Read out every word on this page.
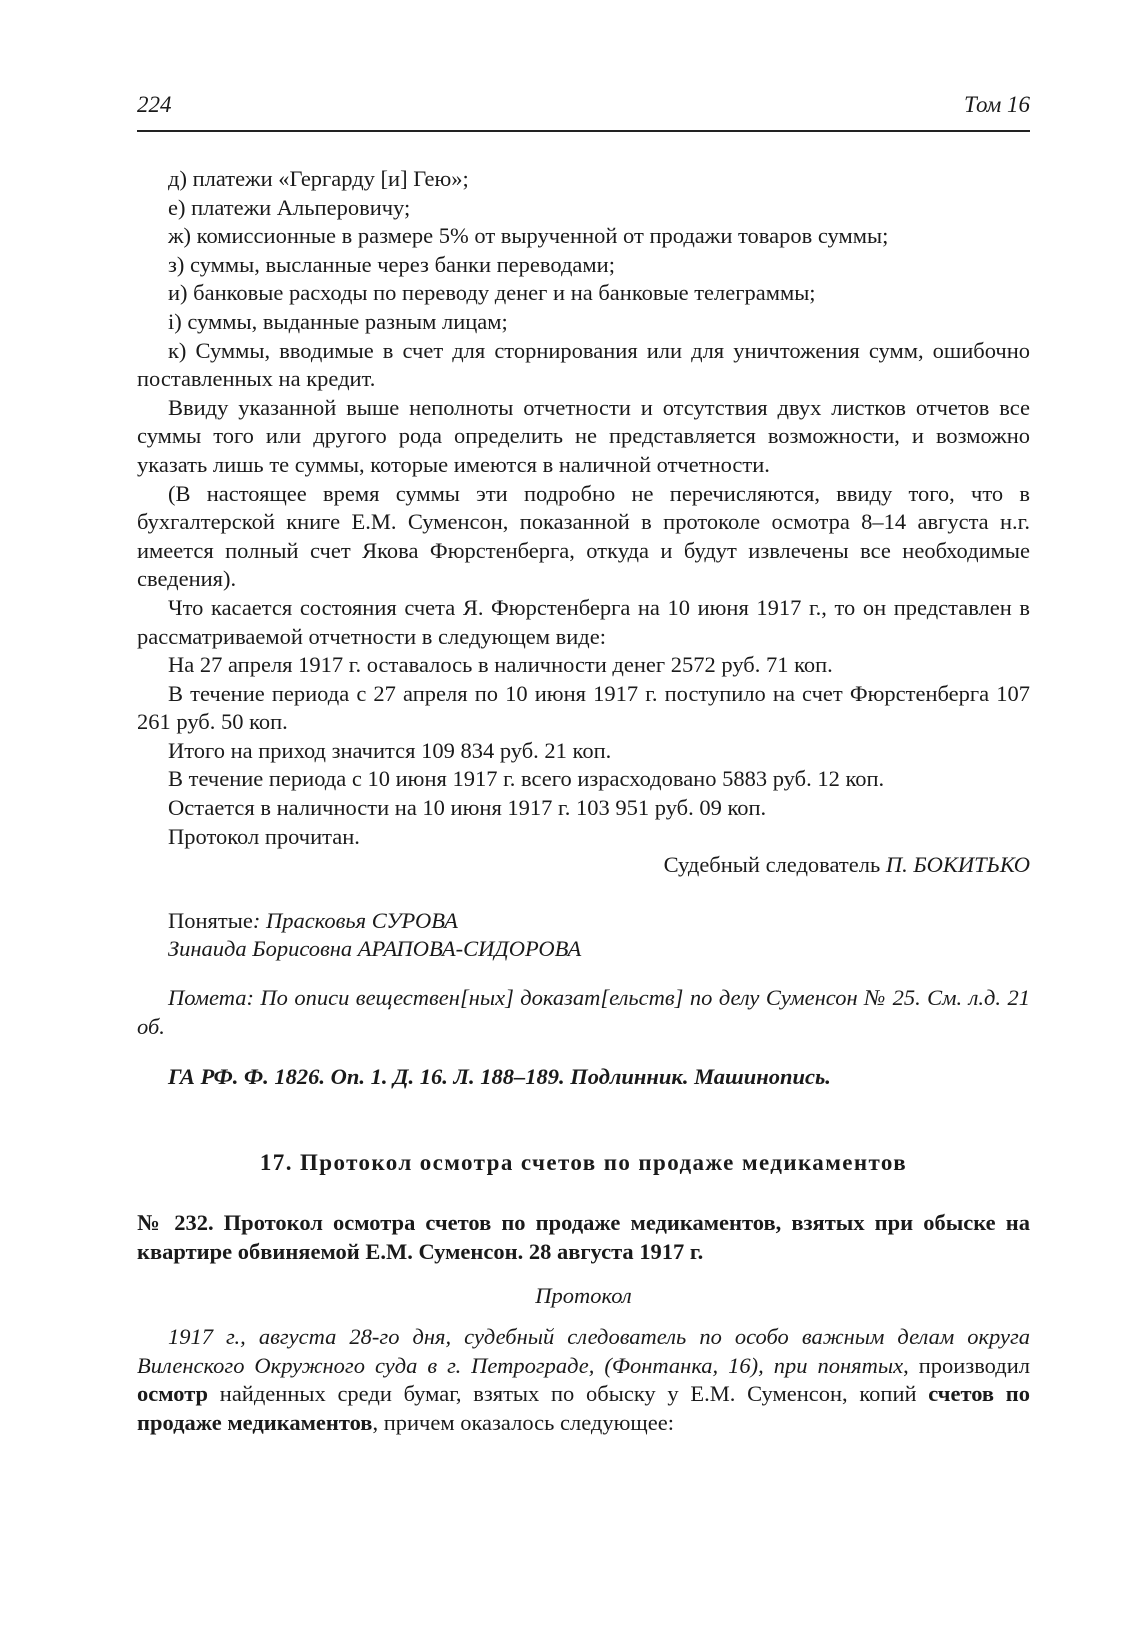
224	Том 16

д) платежи «Гергарду [и] Гею»;

е) платежи Альперовичу;

ж) комиссионные в размере 5% от вырученной от продажи товаров суммы;

з) суммы, высланные через банки переводами;

и) банковые расходы по переводу денег и на банковые телеграммы;

і) суммы, выданные разным лицам;

к) Суммы, вводимые в счет для сторнирования или для уничтожения сумм, ошибочно поставленных на кредит.

Ввиду указанной выше неполноты отчетности и отсутствия двух листков отчетов все суммы того или другого рода определить не представляется возможности, и возможно указать лишь те суммы, которые имеются в наличной отчетности.

(В настоящее время суммы эти подробно не перечисляются, ввиду того, что в бухгалтерской книге Е.М. Суменсон, показанной в протоколе осмотра 8–14 августа н.г. имеется полный счет Якова Фюрстенберга, откуда и будут извлечены все необходимые сведения).

Что касается состояния счета Я. Фюрстенберга на 10 июня 1917 г., то он представлен в рассматриваемой отчетности в следующем виде:

На 27 апреля 1917 г. оставалось в наличности денег 2572 руб. 71 коп.

В течение периода с 27 апреля по 10 июня 1917 г. поступило на счет Фюрстенберга 107 261 руб. 50 коп.

Итого на приход значится 109 834 руб. 21 коп.

В течение периода с 10 июня 1917 г. всего израсходовано 5883 руб. 12 коп.

Остается в наличности на 10 июня 1917 г. 103 951 руб. 09 коп.

Протокол прочитан.

Судебный следователь П. БОКИТЬКО

Понятые: Прасковья СУРОВА

Зинаида Борисовна АРАПОВА-СИДОРОВА

Помета: По описи веществен[ных] доказат[ельств] по делу Суменсон № 25. См. л.д. 21 об.

ГА РФ. Ф. 1826. Оп. 1. Д. 16. Л. 188–189. Подлинник. Машинопись.

17. Протокол осмотра счетов по продаже медикаментов

№ 232. Протокол осмотра счетов по продаже медикаментов, взятых при обыске на квартире обвиняемой Е.М. Суменсон. 28 августа 1917 г.

Протокол

1917 г., августа 28-го дня, судебный следователь по особо важным делам округа Виленского Окружного суда в г. Петрограде, (Фонтанка, 16), при понятых, производил осмотр найденных среди бумаг, взятых по обыску у Е.М. Суменсон, копий счетов по продаже медикаментов, причем оказалось следующее:
